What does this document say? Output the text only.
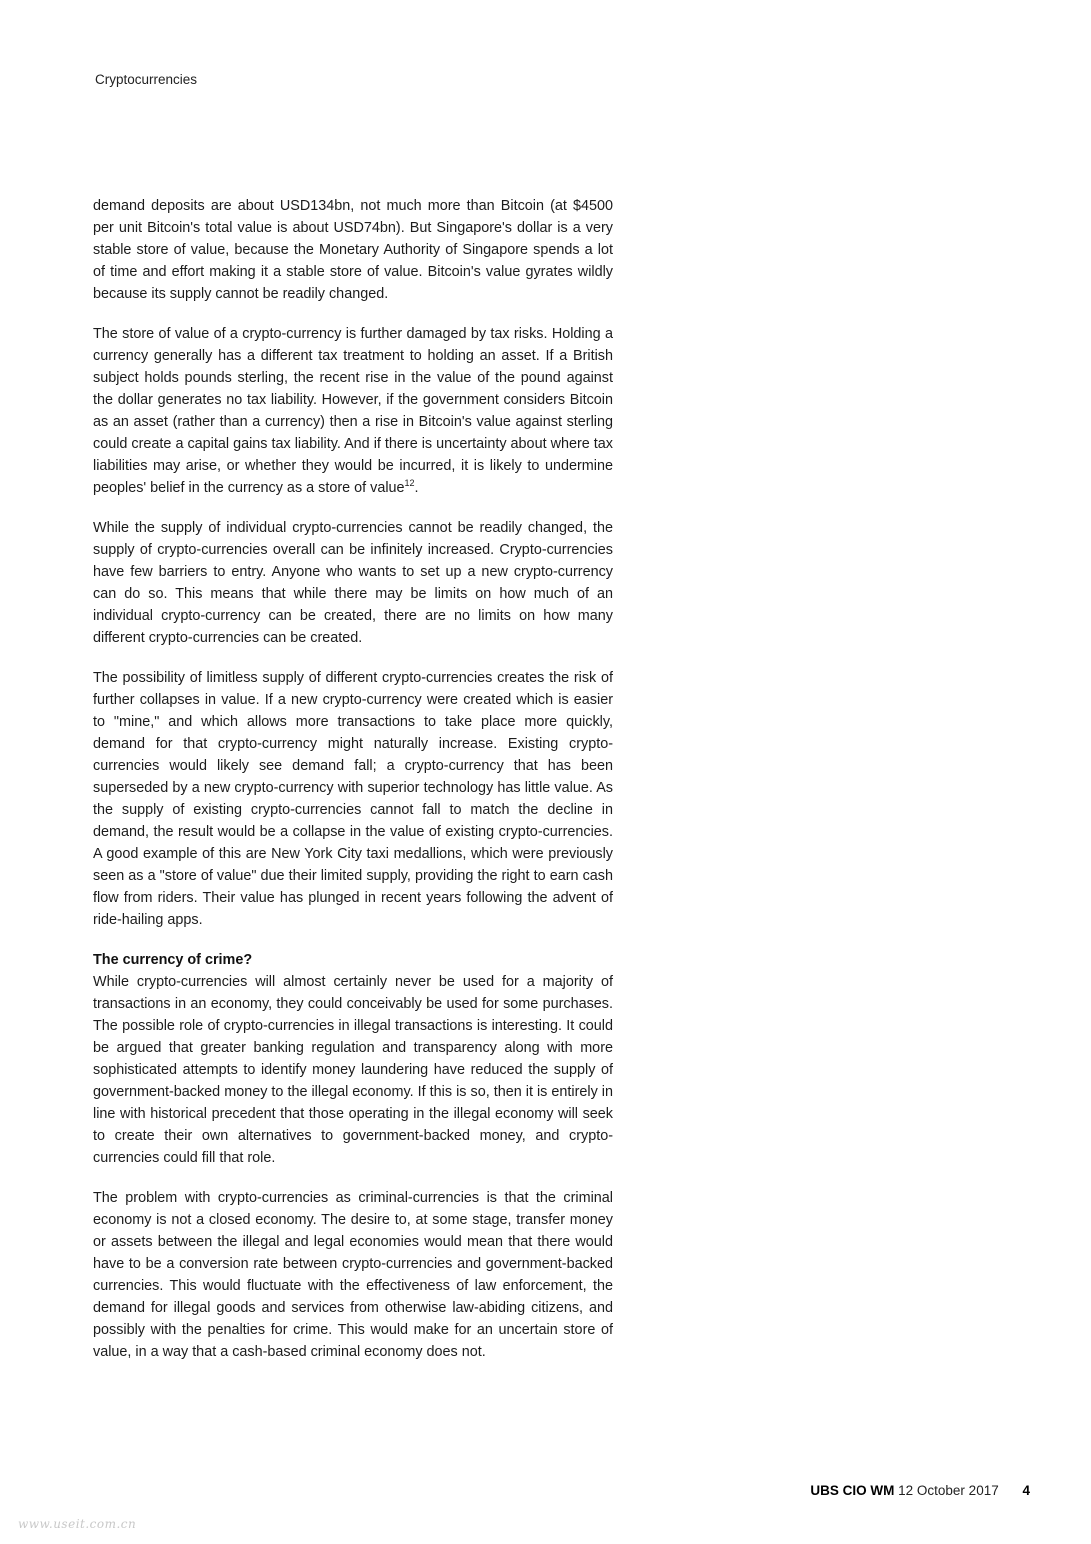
Cryptocurrencies

demand deposits are about USD134bn, not much more than Bitcoin (at $4500 per unit Bitcoin's total value is about USD74bn). But Singapore's dollar is a very stable store of value, because the Monetary Authority of Singapore spends a lot of time and effort making it a stable store of value. Bitcoin's value gyrates wildly because its supply cannot be readily changed.

The store of value of a crypto-currency is further damaged by tax risks. Holding a currency generally has a different tax treatment to holding an asset. If a British subject holds pounds sterling, the recent rise in the value of the pound against the dollar generates no tax liability. However, if the government considers Bitcoin as an asset (rather than a currency) then a rise in Bitcoin's value against sterling could create a capital gains tax liability. And if there is uncertainty about where tax liabilities may arise, or whether they would be incurred, it is likely to undermine peoples' belief in the currency as a store of value$^{12}$.

While the supply of individual crypto-currencies cannot be readily changed, the supply of crypto-currencies overall can be infinitely increased. Crypto-currencies have few barriers to entry. Anyone who wants to set up a new crypto-currency can do so. This means that while there may be limits on how much of an individual crypto-currency can be created, there are no limits on how many different crypto-currencies can be created.

The possibility of limitless supply of different crypto-currencies creates the risk of further collapses in value. If a new crypto-currency were created which is easier to "mine," and which allows more transactions to take place more quickly, demand for that crypto-currency might naturally increase. Existing crypto-currencies would likely see demand fall; a crypto-currency that has been superseded by a new crypto-currency with superior technology has little value. As the supply of existing crypto-currencies cannot fall to match the decline in demand, the result would be a collapse in the value of existing crypto-currencies. A good example of this are New York City taxi medallions, which were previously seen as a "store of value" due their limited supply, providing the right to earn cash flow from riders. Their value has plunged in recent years following the advent of ride-hailing apps.

The currency of crime?

While crypto-currencies will almost certainly never be used for a majority of transactions in an economy, they could conceivably be used for some purchases. The possible role of crypto-currencies in illegal transactions is interesting. It could be argued that greater banking regulation and transparency along with more sophisticated attempts to identify money laundering have reduced the supply of government-backed money to the illegal economy. If this is so, then it is entirely in line with historical precedent that those operating in the illegal economy will seek to create their own alternatives to government-backed money, and crypto-currencies could fill that role.

The problem with crypto-currencies as criminal-currencies is that the criminal economy is not a closed economy. The desire to, at some stage, transfer money or assets between the illegal and legal economies would mean that there would have to be a conversion rate between crypto-currencies and government-backed currencies. This would fluctuate with the effectiveness of law enforcement, the demand for illegal goods and services from otherwise law-abiding citizens, and possibly with the penalties for crime. This would make for an uncertain store of value, in a way that a cash-based criminal economy does not.

UBS CIO WM 12 October 2017 4
www.useit.com.cn
